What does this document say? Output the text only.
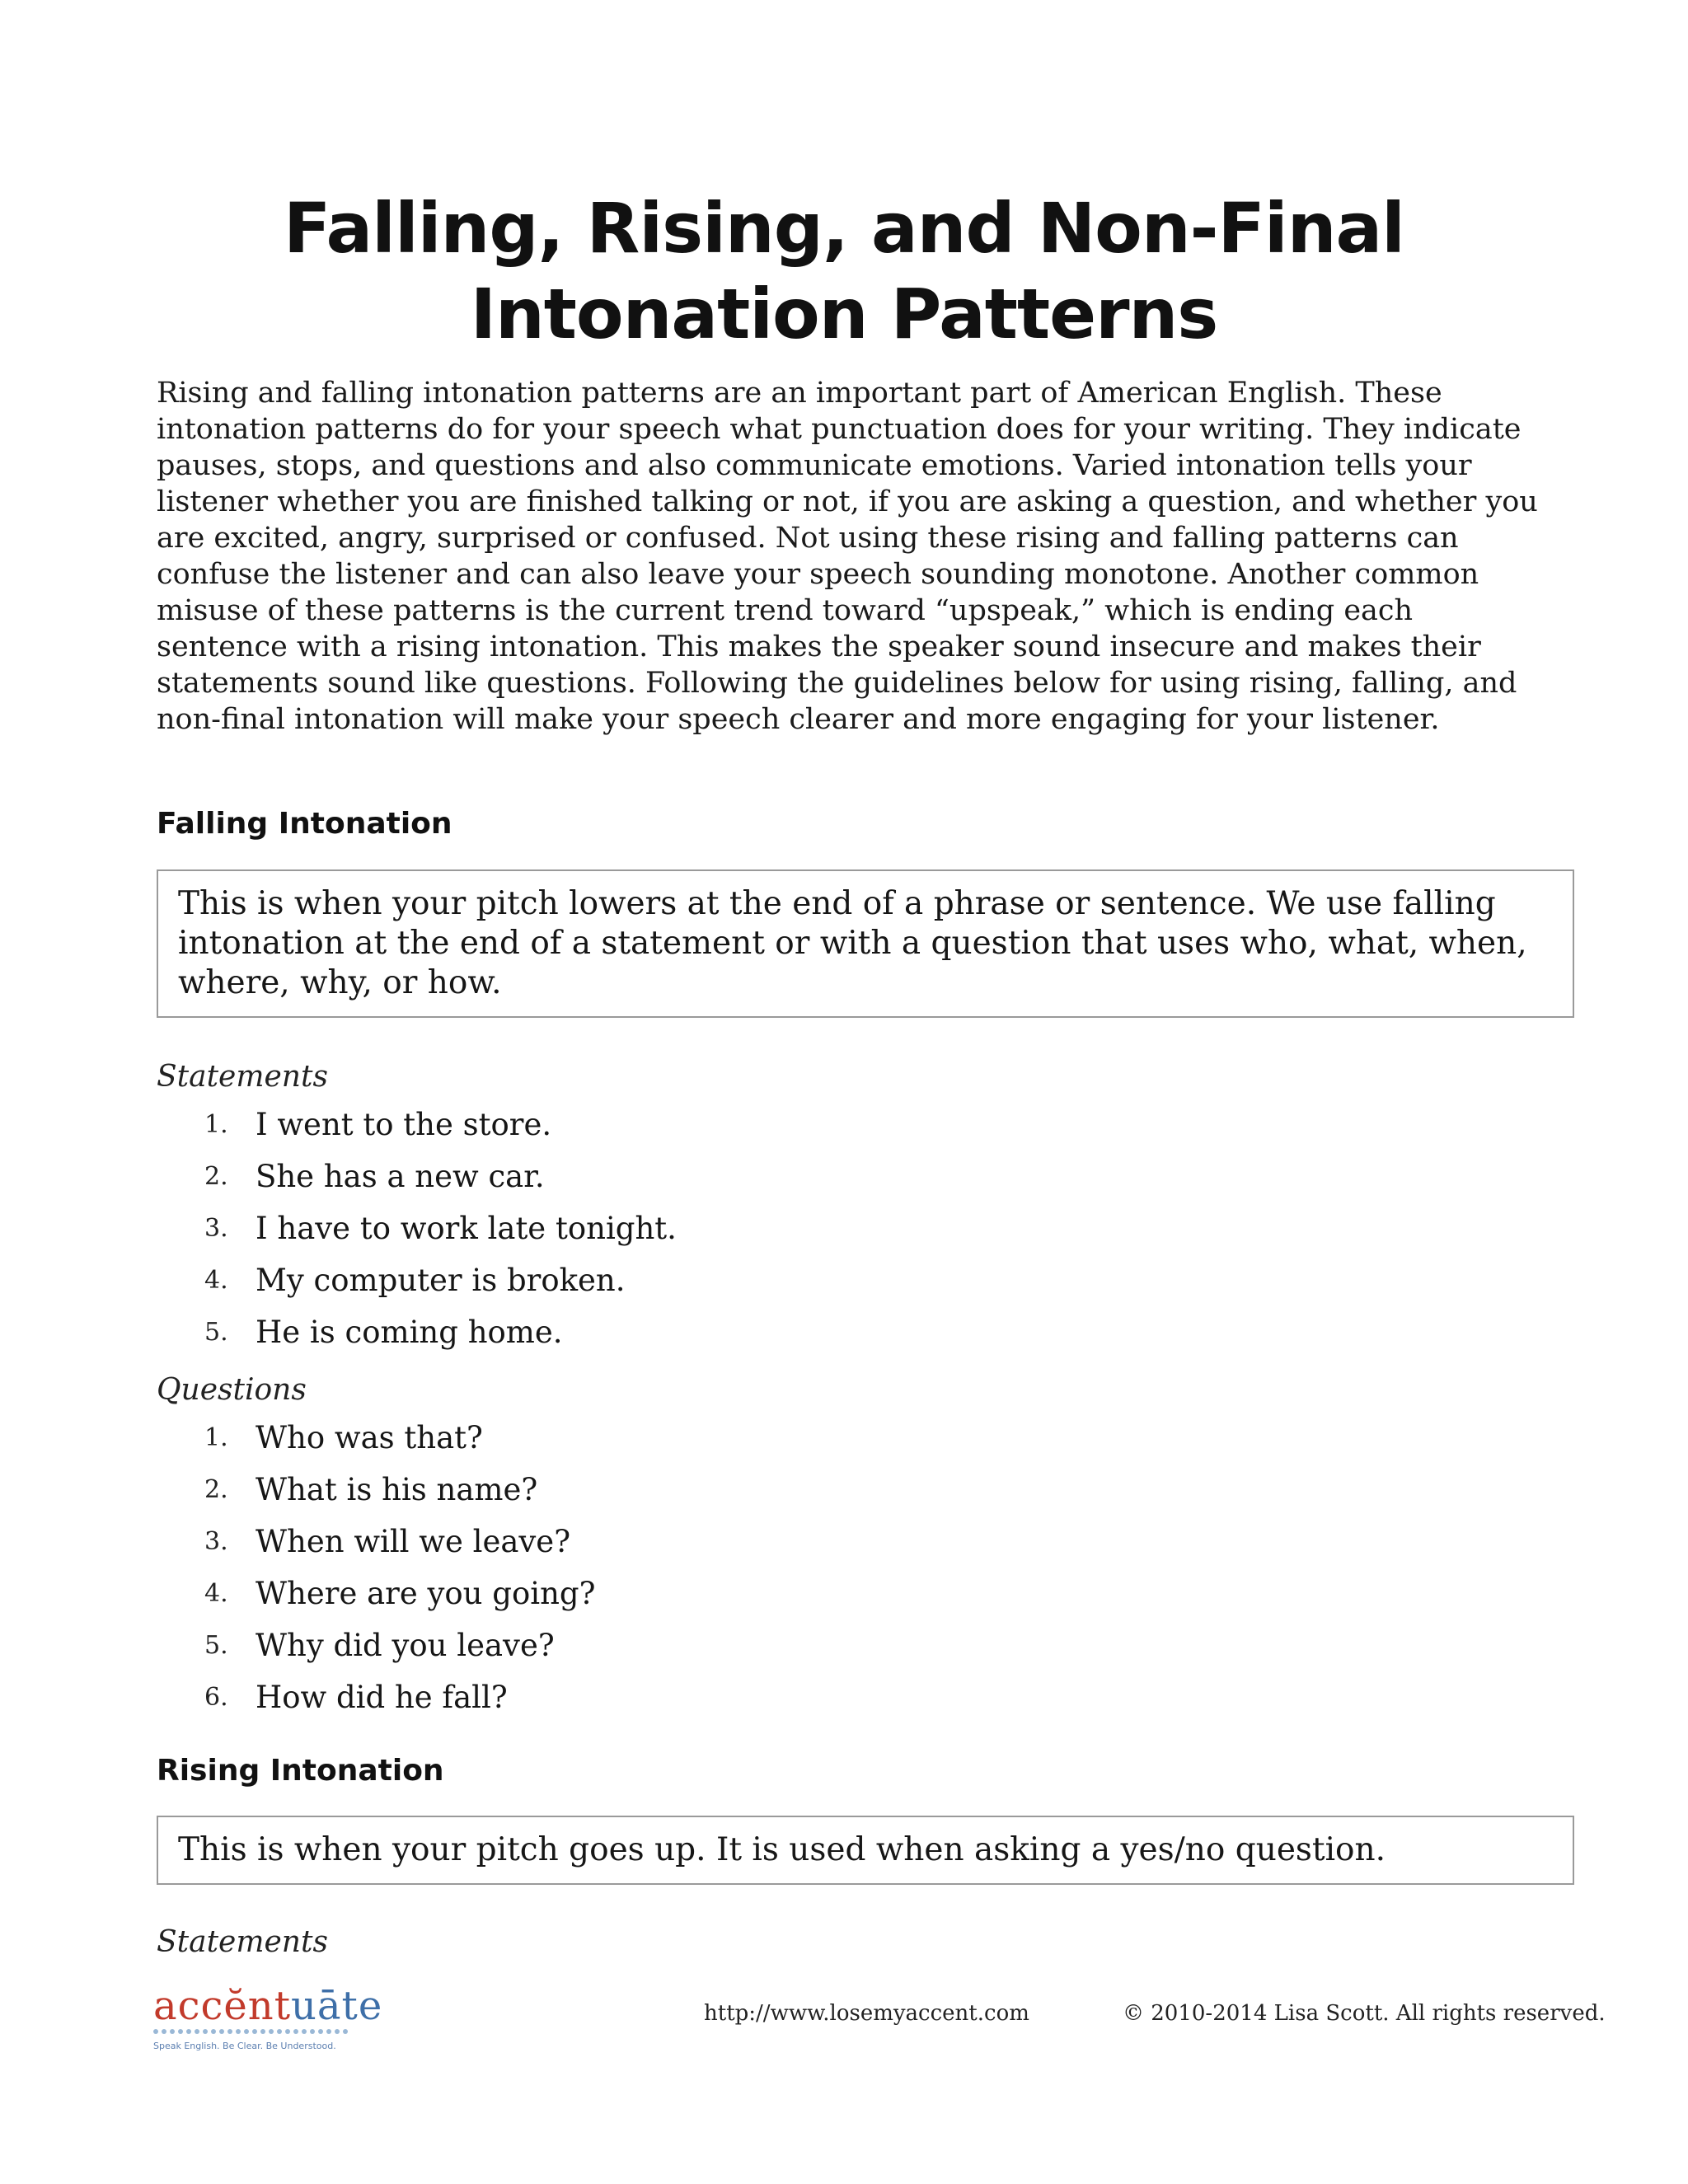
Falling, Rising, and Non-Final
Intonation Patterns

Rising and falling intonation patterns are an important part of American English. These intonation patterns do for your speech what punctuation does for your writing. They indicate pauses, stops, and questions and also communicate emotions. Varied intonation tells your listener whether you are finished talking or not, if you are asking a question, and whether you are excited, angry, surprised or confused. Not using these rising and falling patterns can confuse the listener and can also leave your speech sounding monotone. Another common misuse of these patterns is the current trend toward “upspeak,” which is ending each sentence with a rising intonation. This makes the speaker sound insecure and makes their statements sound like questions. Following the guidelines below for using rising, falling, and non-final intonation will make your speech clearer and more engaging for your listener.

Falling Intonation
This is when your pitch lowers at the end of a phrase or sentence. We use falling intonation at the end of a statement or with a question that uses who, what, when, where, why, or how.

Statements

1. I went to the store.
2. She has a new car.
3. I have to work late tonight.
4. My computer is broken.
5. He is coming home.

Questions

1. Who was that?
2. What is his name?
3. When will we leave?
4. Where are you going?
5. Why did you leave?
6. How did he fall?
Rising Intonation
This is when your pitch goes up. It is used when asking a yes/no question.

Statements

accĕntuāte
Speak English. Be Clear. Be Understood.
http://www.losemyaccent.com	© 2010-2014 Lisa Scott. All rights reserved.
